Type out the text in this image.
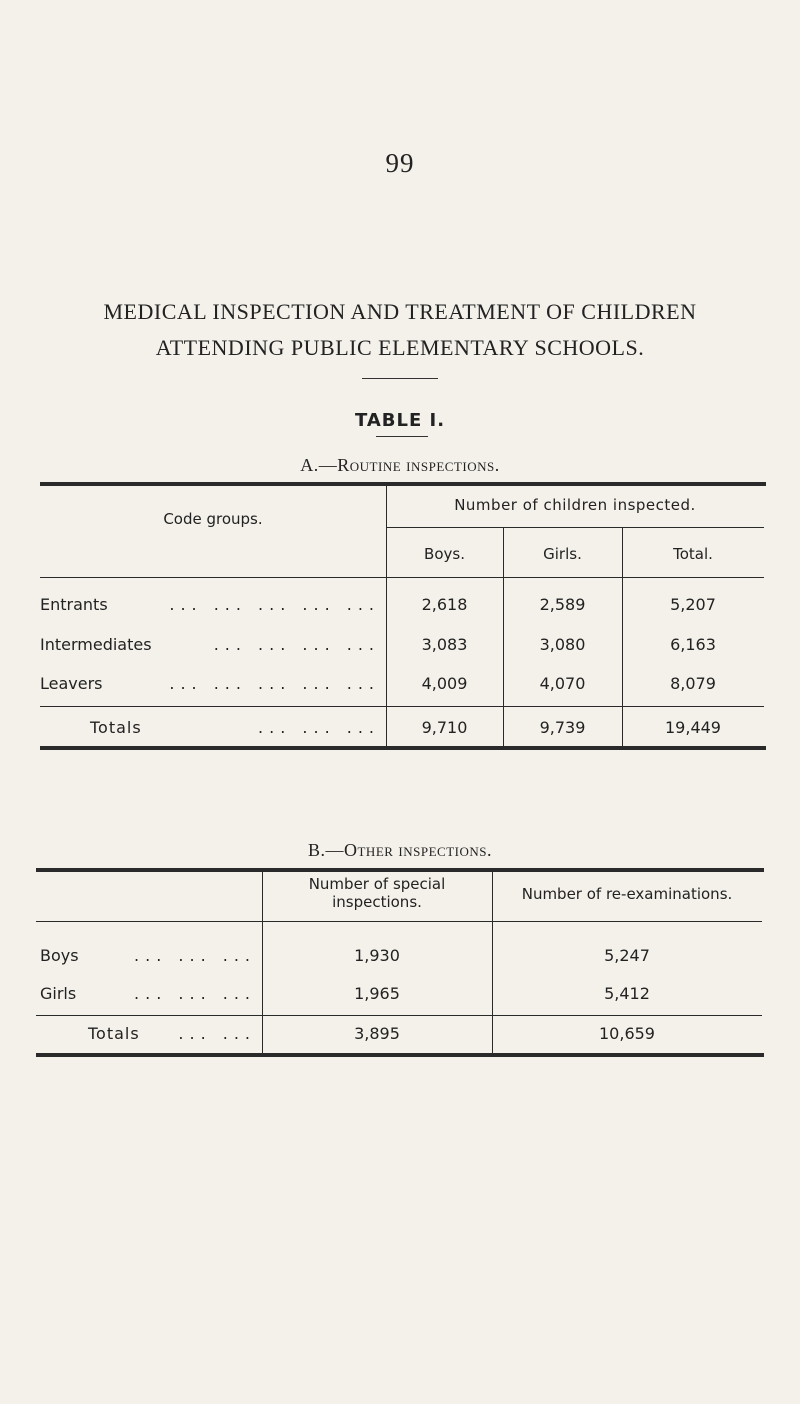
99
MEDICAL INSPECTION AND TREATMENT OF CHILDREN
ATTENDING PUBLIC ELEMENTARY SCHOOLS.
TABLE I.
A.—Routine inspections.
Code groups.
Number of children inspected.
Boys.	Girls.	Total.
Entrants	... ... ... ... ...	2,618	2,589	5,207
Intermediates	... ... ... ...	3,083	3,080	6,163
Leavers	... ... ... ... ...	4,009	4,070	8,079
Totals	... ... ...	9,710	9,739	19,449
B.—Other inspections.
Number of special
inspections.	Number of re-examinations.
Boys	... ... ...	1,930	5,247
Girls	... ... ...	1,965	5,412
Totals	... ...	3,895	10,659
